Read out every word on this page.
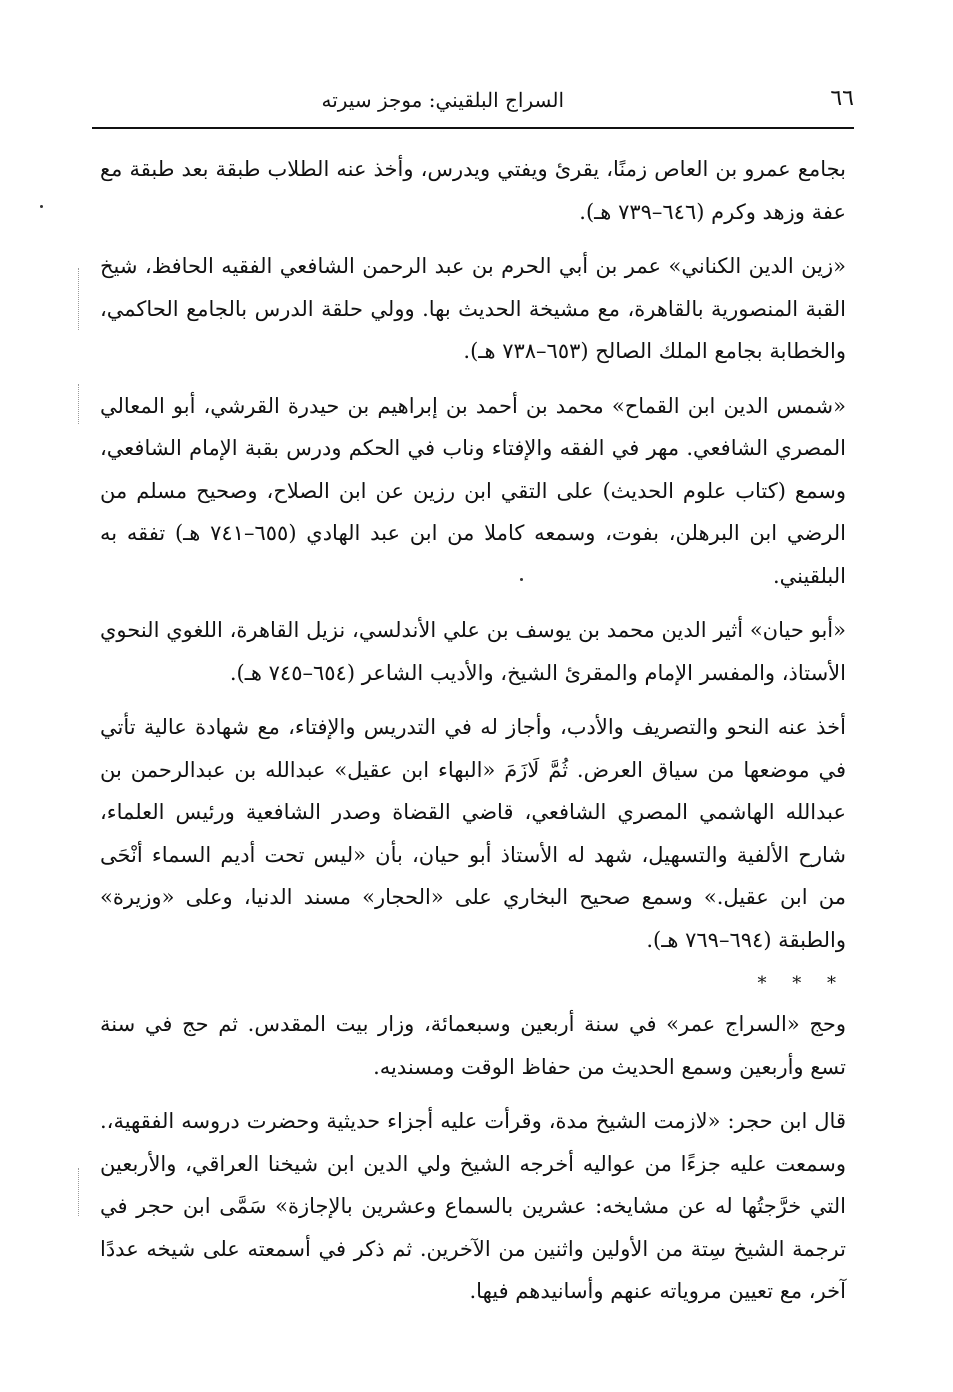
٦٦
السراج البلقيني: موجز سيرته

بجامع عمرو بن العاص زمنًا، يقرئ ويفتي ويدرس، وأخذ عنه الطلاب طبقة بعد طبقة مع عفة وزهد وكرم (٦٤٦–٧٣٩ هـ).

«زين الدين الكناني» عمر بن أبي الحرم بن عبد الرحمن الشافعي الفقيه الحافظ، شيخ القبة المنصورية بالقاهرة، مع مشيخة الحديث بها. وولي حلقة الدرس بالجامع الحاكمي، والخطابة بجامع الملك الصالح (٦٥٣–٧٣٨ هـ).

«شمس الدين ابن القماح» محمد بن أحمد بن إبراهيم بن حيدرة القرشي، أبو المعالي المصري الشافعي. مهر في الفقه والإفتاء وناب في الحكم ودرس بقبة الإمام الشافعي، وسمع (كتاب علوم الحديث) على التقي ابن رزين عن ابن الصلاح، وصحيح مسلم من الرضي ابن البرهلن، بفوت، وسمعه كاملا من ابن عبد الهادي (٦٥٥–٧٤١ هـ) تفقه به البلقيني.

«أبو حيان» أثير الدين محمد بن يوسف بن علي الأندلسي، نزيل القاهرة، اللغوي النحوي الأستاذ، والمفسر الإمام والمقرئ الشيخ، والأديب الشاعر (٦٥٤–٧٤٥ هـ).

أخذ عنه النحو والتصريف والأدب، وأجاز له في التدريس والإفتاء، مع شهادة عالية تأتي في موضعها من سياق العرض. ثُمَّ لَازَمَ «البهاء ابن عقيل» عبدالله بن عبدالرحمن بن عبدالله الهاشمي المصري الشافعي، قاضي القضاة وصدر الشافعية ورئيس العلماء، شارح الألفية والتسهيل، شهد له الأستاذ أبو حيان، بأن «ليس تحت أديم السماء أنْحَى من ابن عقيل.» وسمع صحيح البخاري على «الحجار» مسند الدنيا، وعلى «وزيرة» والطبقة (٦٩٤–٧٦٩ هـ).

* * *

وحج «السراج عمر» في سنة أربعين وسبعمائة، وزار بيت المقدس. ثم حج في سنة تسع وأربعين وسمع الحديث من حفاظ الوقت ومسنديه.

قال ابن حجر: «لازمت الشيخ مدة، وقرأت عليه أجزاء حديثية وحضرت دروسه الفقهية،. وسمعت عليه جزءًا من عواليه أخرجه الشيخ ولي الدين ابن شيخنا العراقي، والأربعين التي خرَّجتُها له عن مشايخه: عشرين بالسماع وعشرين بالإجازة» سَمَّى ابن حجر في ترجمة الشيخ سِتة من الأولين واثنين من الآخرين. ثم ذكر في أسمعته على شيخه عددًا آخر، مع تعيين مروياته عنهم وأسانيدهم فيها.
